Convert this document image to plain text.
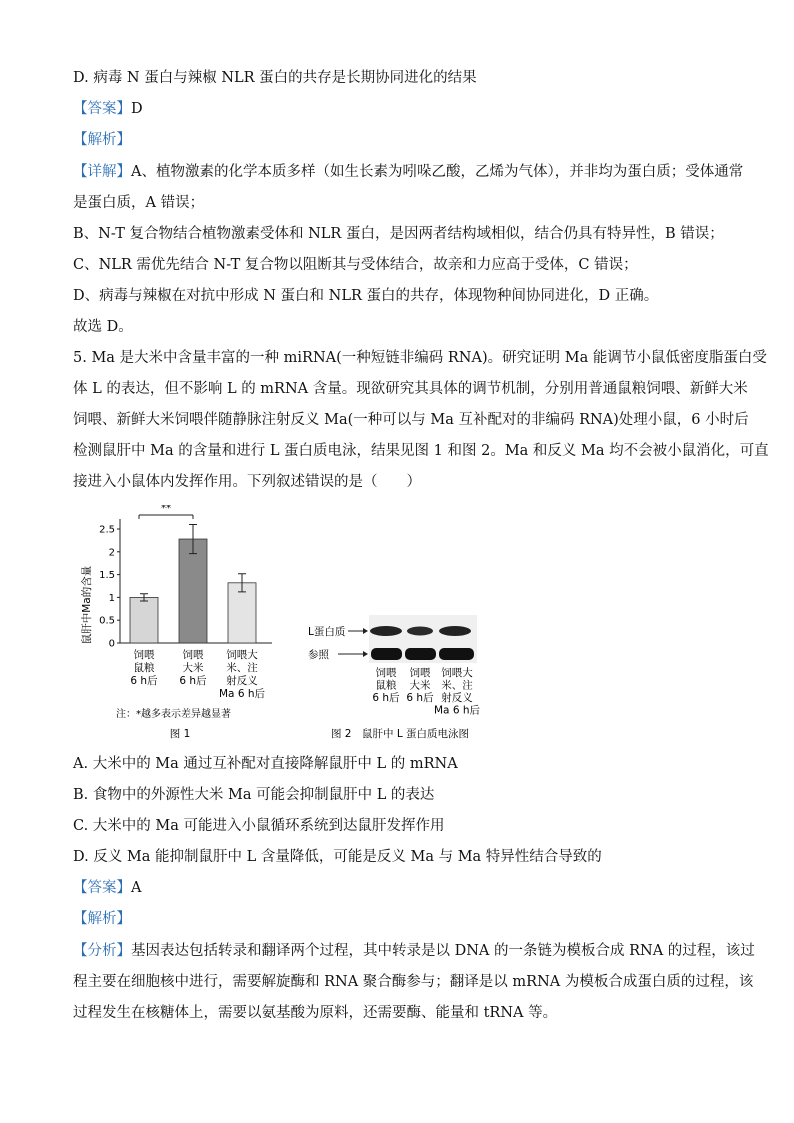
D. 病毒 N 蛋白与辣椒 NLR 蛋白的共存是长期协同进化的结果
【答案】D
【解析】
【详解】A、植物激素的化学本质多样（如生长素为吲哚乙酸，乙烯为气体），并非均为蛋白质；受体通常
是蛋白质，A 错误；
B、N-T 复合物结合植物激素受体和 NLR 蛋白，是因两者结构域相似，结合仍具有特异性，B 错误；
C、NLR 需优先结合 N-T 复合物以阻断其与受体结合，故亲和力应高于受体，C 错误；
D、病毒与辣椒在对抗中形成 N 蛋白和 NLR 蛋白的共存，体现物种间协同进化，D 正确。
故选 D。
5. Ma 是大米中含量丰富的一种 miRNA(一种短链非编码 RNA)。研究证明 Ma 能调节小鼠低密度脂蛋白受
体 L 的表达，但不影响 L 的 mRNA 含量。现欲研究其具体的调节机制，分别用普通鼠粮饲喂、新鲜大米
饲喂、新鲜大米饲喂伴随静脉注射反义 Ma(一种可以与 Ma 互补配对的非编码 RNA)处理小鼠，6 小时后
检测鼠肝中 Ma 的含量和进行 L 蛋白质电泳，结果见图 1 和图 2。Ma 和反义 Ma 均不会被小鼠消化，可直
接进入小鼠体内发挥作用。下列叙述错误的是（　　）
鼠肝中Ma的含量 0
0.5
1
1.5
2
2.5
**
饲喂
鼠粮
6 h后
饲喂
大米
6 h后
饲喂大
米、注
射反义
Ma 6 h后
注：*越多表示差异越显著
图 1
L蛋白质
参照
饲喂
鼠粮
6 h后
饲喂
大米
6 h后
饲喂大
米、注
射反义
Ma 6 h后
图 2　鼠肝中 L 蛋白质电泳图
A. 大米中的 Ma 通过互补配对直接降解鼠肝中 L 的 mRNA
B. 食物中的外源性大米 Ma 可能会抑制鼠肝中 L 的表达
C. 大米中的 Ma 可能进入小鼠循环系统到达鼠肝发挥作用
D. 反义 Ma 能抑制鼠肝中 L 含量降低，可能是反义 Ma 与 Ma 特异性结合导致的
【答案】A
【解析】
【分析】基因表达包括转录和翻译两个过程，其中转录是以 DNA 的一条链为模板合成 RNA 的过程，该过
程主要在细胞核中进行，需要解旋酶和 RNA 聚合酶参与；翻译是以 mRNA 为模板合成蛋白质的过程，该
过程发生在核糖体上，需要以氨基酸为原料，还需要酶、能量和 tRNA 等。
